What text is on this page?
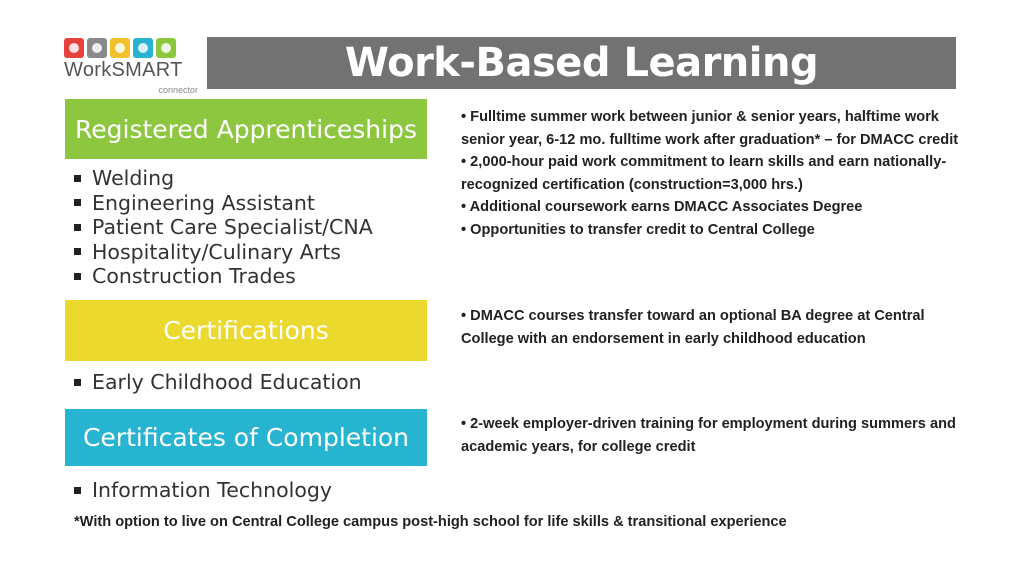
WorkSMART
connector
Work-Based Learning
Registered Apprenticeships
Welding
Engineering Assistant
Patient Care Specialist/CNA
Hospitality/Culinary Arts
Construction Trades

• Fulltime summer work between junior & senior years, halftime work senior year, 6-12 mo. fulltime work after graduation* – for DMACC credit

• 2,000-hour paid work commitment to learn skills and earn nationally-recognized certification (construction=3,000 hrs.)

• Additional coursework earns DMACC Associates Degree

• Opportunities to transfer credit to Central College

Certifications
Early Childhood Education

• DMACC courses transfer toward an optional BA degree at Central College with an endorsement in early childhood education

Certificates of Completion
Information Technology

• 2-week employer-driven training for employment during summers and academic years, for college credit

*With option to live on Central College campus post-high school for life skills & transitional experience
